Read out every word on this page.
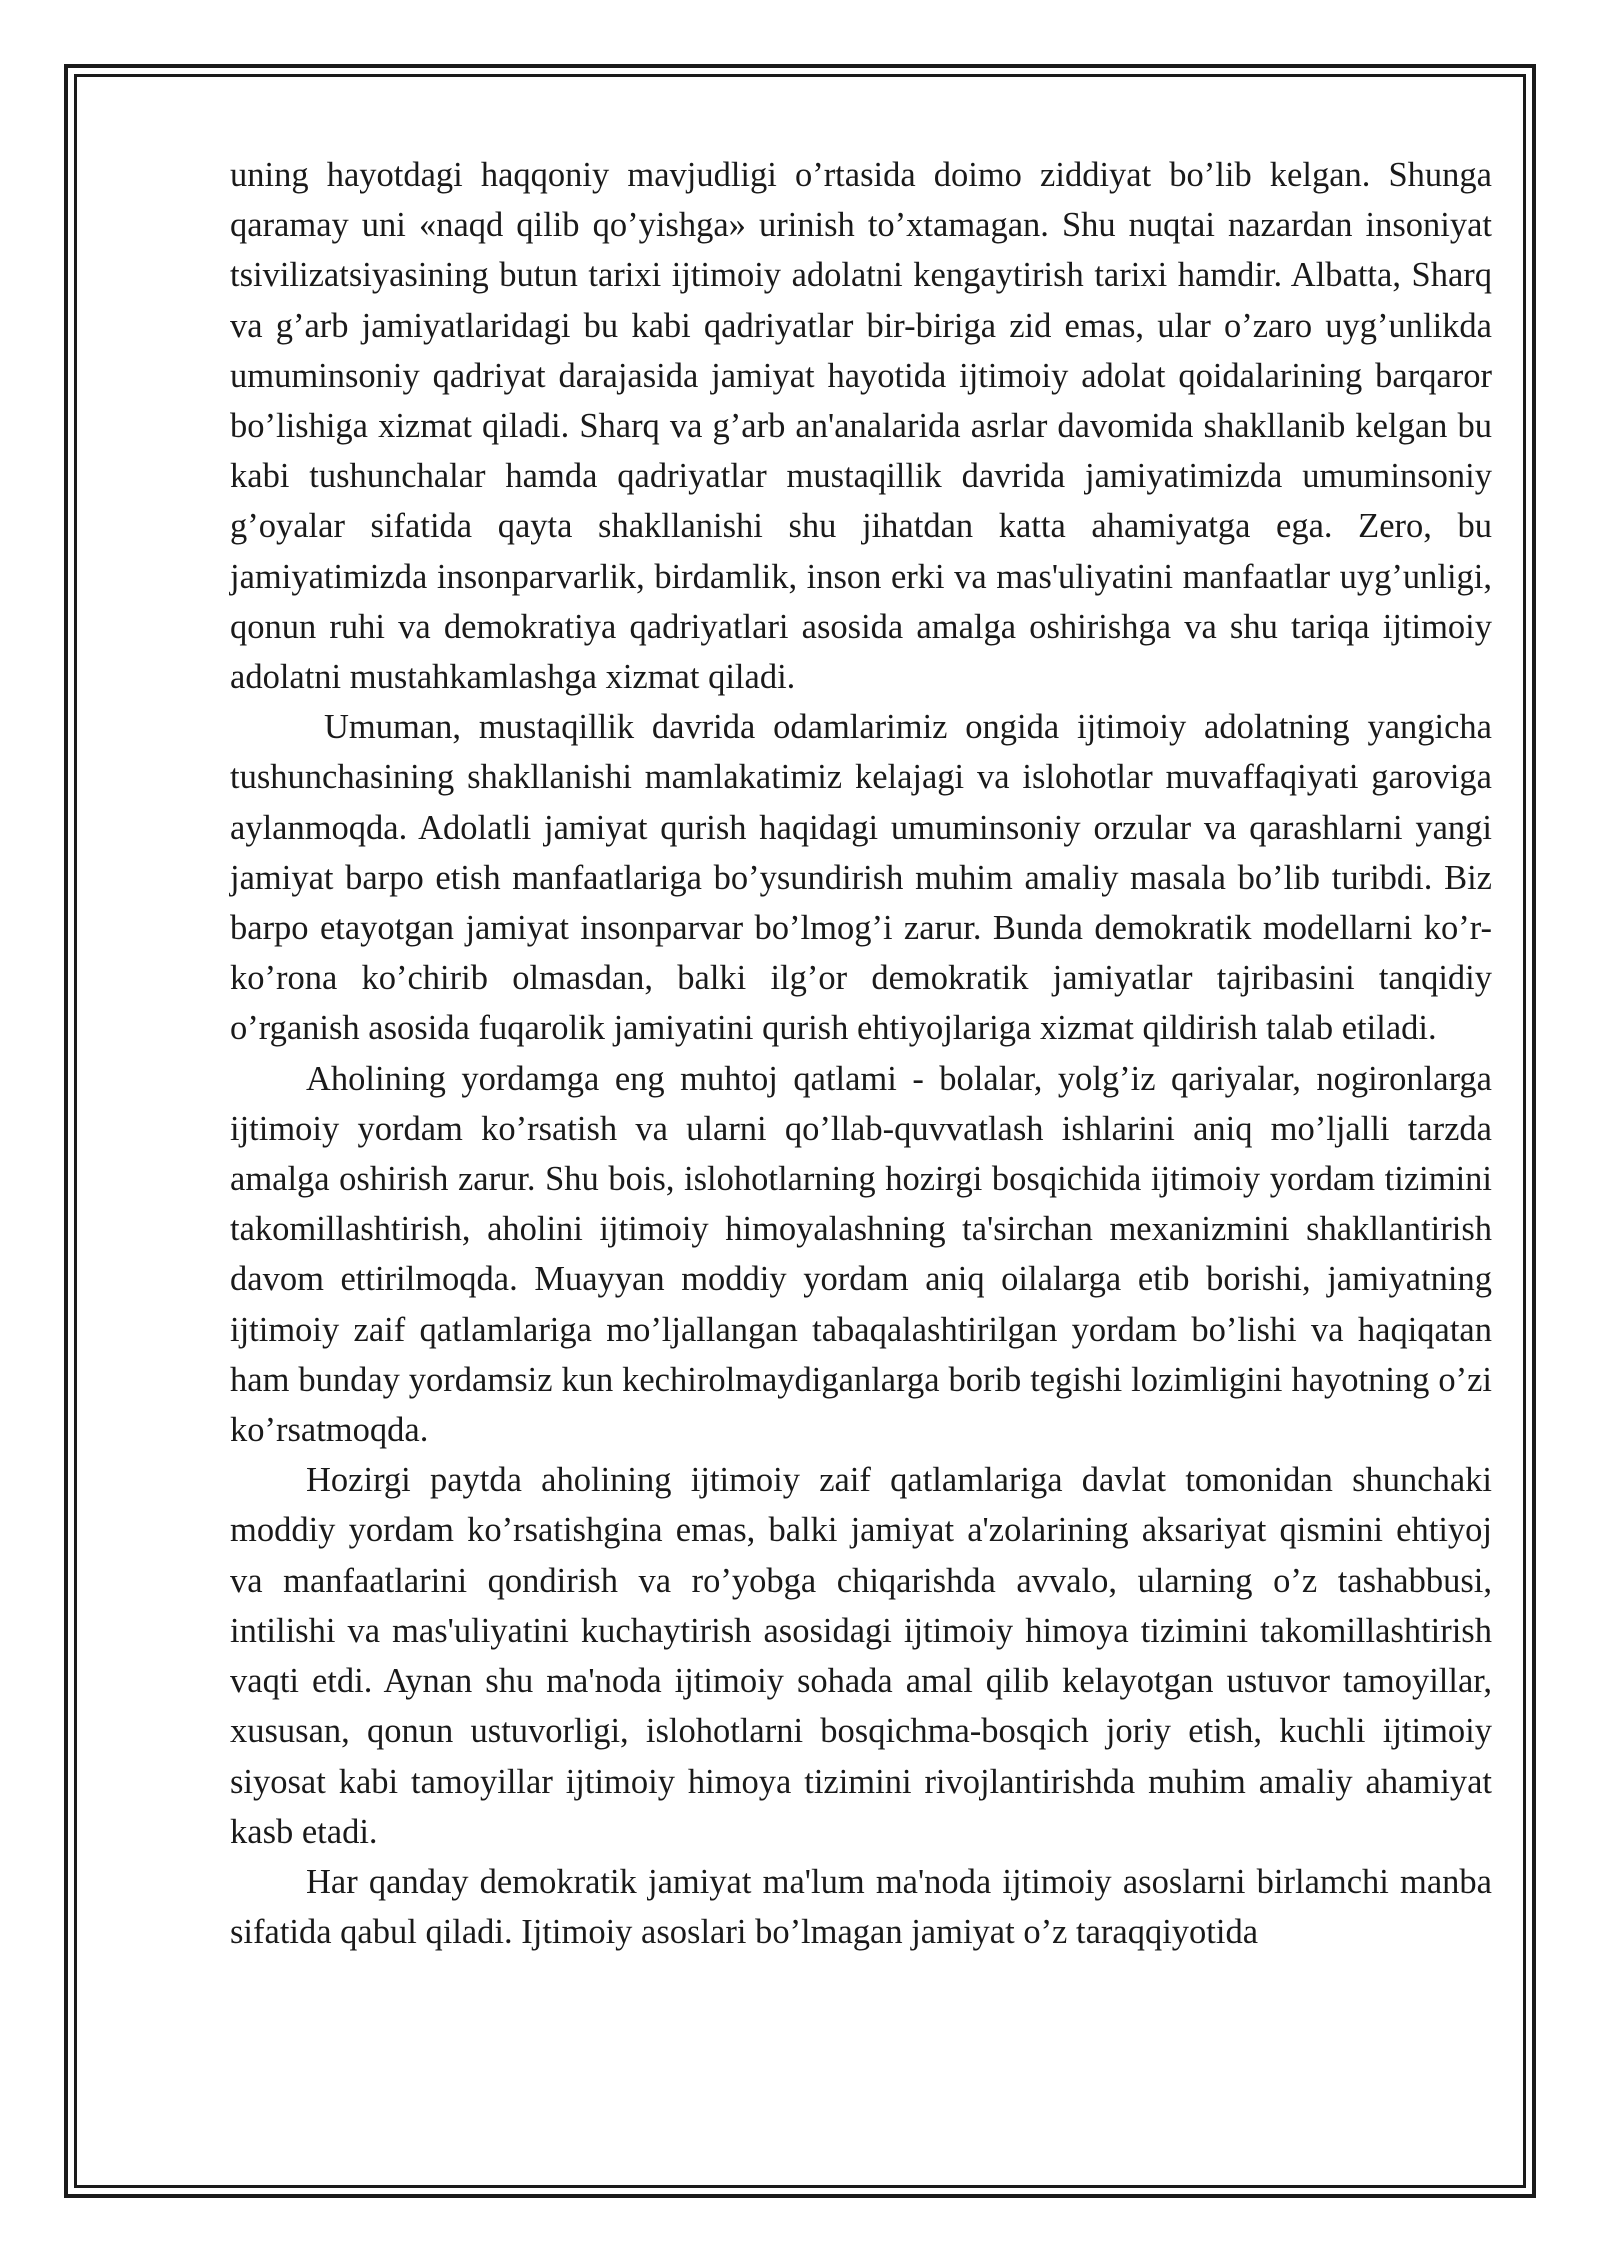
uning hayotdagi haqqoniy mavjudligi o’rtasida doimo ziddiyat bo’lib kelgan. Shunga qaramay uni «naqd qilib qo’yishga» urinish to’xtamagan. Shu nuqtai nazardan insoniyat tsivilizatsiyasining butun tarixi ijtimoiy adolatni kengaytirish tarixi hamdir. Albatta, Sharq va g’arb jamiyatlaridagi bu kabi qadriyatlar bir-biriga zid emas, ular o’zaro uyg’unlikda umuminsoniy qadriyat darajasida jamiyat hayotida ijtimoiy adolat qoidalarining barqaror bo’lishiga xizmat qiladi. Sharq va g’arb an'analarida asrlar davomida shakllanib kelgan bu kabi tushunchalar hamda qadriyatlar mustaqillik davrida jamiyatimizda umuminsoniy g’oyalar sifatida qayta shakllanishi shu jihatdan katta ahamiyatga ega. Zero, bu jamiyatimizda insonparvarlik, birdamlik, inson erki va mas'uliyatini manfaatlar uyg’unligi, qonun ruhi va demokratiya qadriyatlari asosida amalga oshirishga va shu tariqa ijtimoiy adolatni mustahkamlashga xizmat qiladi.

Umuman, mustaqillik davrida odamlarimiz ongida ijtimoiy adolatning yangicha tushunchasining shakllanishi mamlakatimiz kelajagi va islohotlar muvaffaqiyati garoviga aylanmoqda. Adolatli jamiyat qurish haqidagi umuminsoniy orzular va qarashlarni yangi jamiyat barpo etish manfaatlariga bo’ysundirish muhim amaliy masala bo’lib turibdi. Biz barpo etayotgan jamiyat insonparvar bo’lmog’i zarur. Bunda demokratik modellarni ko’r-ko’rona ko’chirib olmasdan, balki ilg’or demokratik jamiyatlar tajribasini tanqidiy o’rganish asosida fuqarolik jamiyatini qurish ehtiyojlariga xizmat qildirish talab etiladi.

Aholining yordamga eng muhtoj qatlami - bolalar, yolg’iz qariyalar, nogironlarga ijtimoiy yordam ko’rsatish va ularni qo’llab-quvvatlash ishlarini aniq mo’ljalli tarzda amalga oshirish zarur. Shu bois, islohotlarning hozirgi bosqichida ijtimoiy yordam tizimini takomillashtirish, aholini ijtimoiy himoyalashning ta'sirchan mexanizmini shakllantirish davom ettirilmoqda. Muayyan moddiy yordam aniq oilalarga etib borishi, jamiyatning ijtimoiy zaif qatlamlariga mo’ljallangan tabaqalashtirilgan yordam bo’lishi va haqiqatan ham bunday yordamsiz kun kechirolmaydiganlarga borib tegishi lozimligini hayotning o’zi ko’rsatmoqda.

Hozirgi paytda aholining ijtimoiy zaif qatlamlariga davlat tomonidan shunchaki moddiy yordam ko’rsatishgina emas, balki jamiyat a'zolarining aksariyat qismini ehtiyoj va manfaatlarini qondirish va ro’yobga chiqarishda avvalo, ularning o’z tashabbusi, intilishi va mas'uliyatini kuchaytirish asosidagi ijtimoiy himoya tizimini takomillashtirish vaqti etdi. Aynan shu ma'noda ijtimoiy sohada amal qilib kelayotgan ustuvor tamoyillar, xususan, qonun ustuvorligi, islohotlarni bosqichma-bosqich joriy etish, kuchli ijtimoiy siyosat kabi tamoyillar ijtimoiy himoya tizimini rivojlantirishda muhim amaliy ahamiyat kasb etadi.

Har qanday demokratik jamiyat ma'lum ma'noda ijtimoiy asoslarni birlamchi manba sifatida qabul qiladi. Ijtimoiy asoslari bo’lmagan jamiyat o’z taraqqiyotida
